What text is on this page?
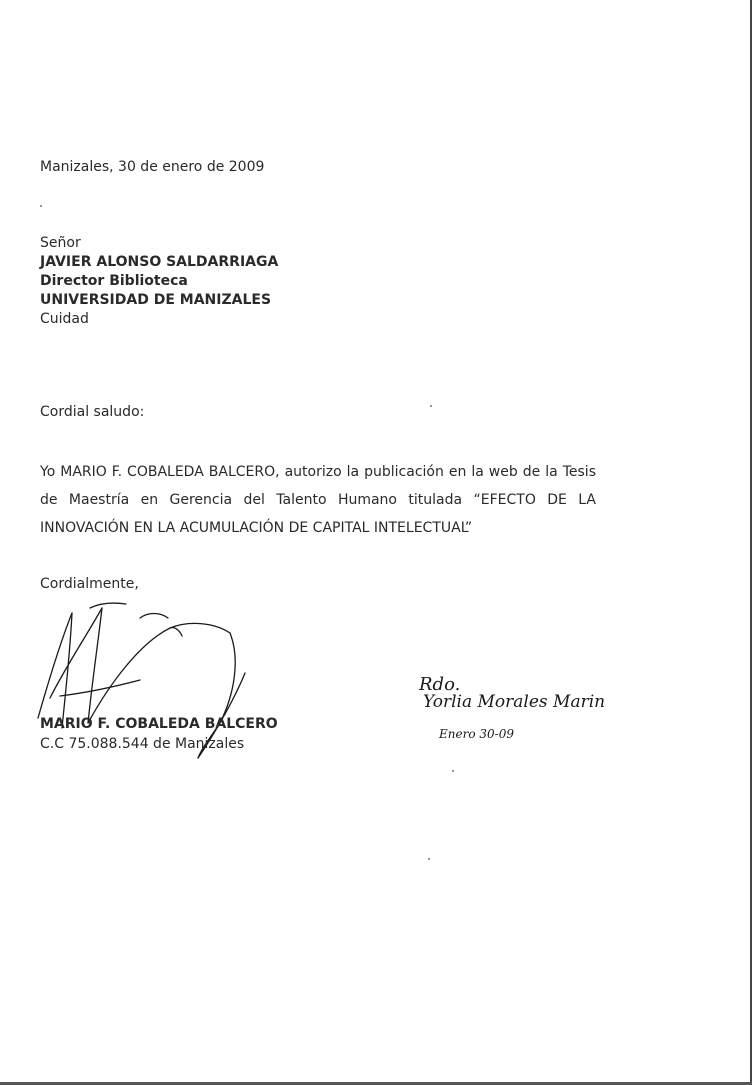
Manizales, 30 de enero de 2009
Señor
JAVIER ALONSO SALDARRIAGA
Director Biblioteca
UNIVERSIDAD DE MANIZALES
Cuidad
Cordial saludo:
Yo MARIO F. COBALEDA BALCERO, autorizo la publicación en la web de la Tesis de Maestría en Gerencia del Talento Humano titulada “EFECTO DE LA INNOVACIÓN EN LA ACUMULACIÓN DE CAPITAL INTELECTUAL”
Cordialmente,
MARIO F. COBALEDA BALCERO
C.C 75.088.544 de Manizales
Rdo.
Yorlia Morales Marin
Enero 30-09
